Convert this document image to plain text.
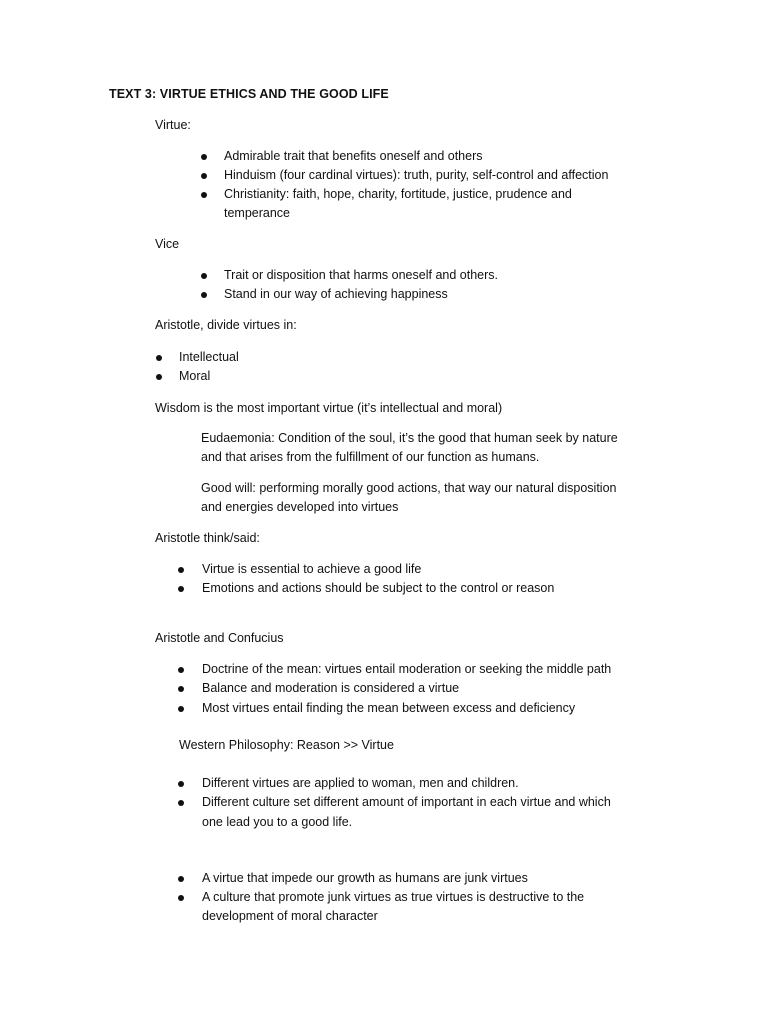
TEXT 3: VIRTUE ETHICS AND THE GOOD LIFE
Virtue:
Admirable trait that benefits oneself and others
Hinduism (four cardinal virtues): truth, purity, self-control and affection
Christianity: faith, hope, charity, fortitude, justice, prudence and
temperance
Vice
Trait or disposition that harms oneself and others.
Stand in our way of achieving happiness
Aristotle, divide virtues in:
Intellectual
Moral
Wisdom is the most important virtue (it’s intellectual and moral)
Eudaemonia: Condition of the soul, it’s the good that human seek by nature
and that arises from the fulfillment of our function as humans.
Good will: performing morally good actions, that way our natural disposition
and energies developed into virtues
Aristotle think/said:
Virtue is essential to achieve a good life
Emotions and actions should be subject to the control or reason
Aristotle and Confucius
Doctrine of the mean: virtues entail moderation or seeking the middle path
Balance and moderation is considered a virtue
Most virtues entail finding the mean between excess and deficiency
Western Philosophy: Reason >> Virtue
Different virtues are applied to woman, men and children.
Different culture set different amount of important in each virtue and which
one lead you to a good life.
A virtue that impede our growth as humans are junk virtues
A culture that promote junk virtues as true virtues is destructive to the
development of moral character
